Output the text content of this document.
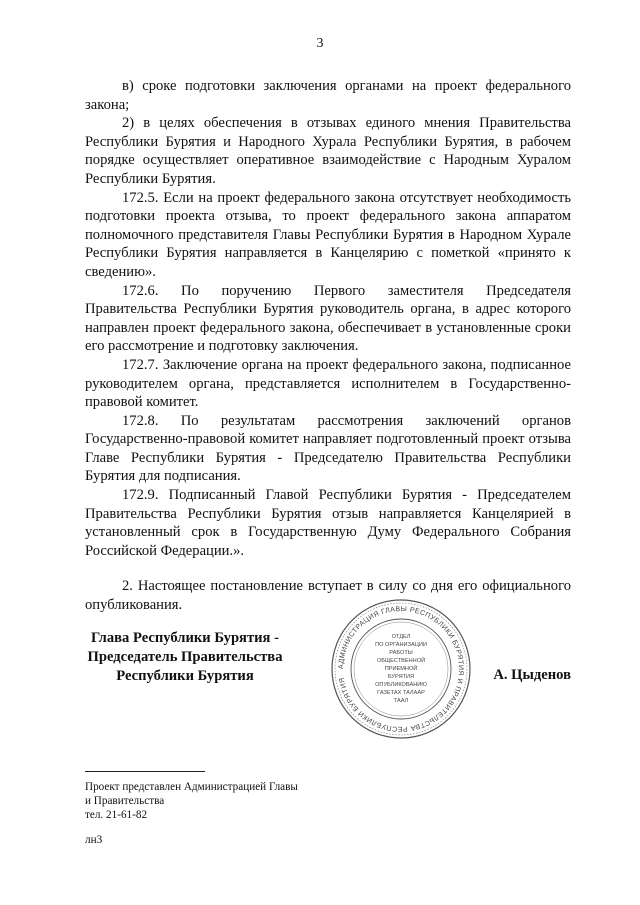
3

в) сроке подготовки заключения органами на проект федерального закона;

2) в целях обеспечения в отзывах единого мнения Правительства Республики Бурятия и Народного Хурала Республики Бурятия, в рабочем порядке осуществляет оперативное взаимодействие с Народным Хуралом Республики Бурятия.

172.5. Если на проект федерального закона отсутствует необходимость подготовки проекта отзыва, то проект федерального закона аппаратом полномочного представителя Главы Республики Бурятия в Народном Хурале Республики Бурятия направляется в Канцелярию с пометкой «принято к сведению».

172.6. По поручению Первого заместителя Председателя Правительства Республики Бурятия руководитель органа, в адрес которого направлен проект федерального закона, обеспечивает в установленные сроки его рассмотрение и подготовку заключения.

172.7. Заключение органа на проект федерального закона, подписанное руководителем органа, представляется исполнителем в Государственно-правовой комитет.

172.8. По результатам рассмотрения заключений органов Государственно-правовой комитет направляет подготовленный проект отзыва Главе Республики Бурятия - Председателю Правительства Республики Бурятия для подписания.

172.9. Подписанный Главой Республики Бурятия - Председателем Правительства Республики Бурятия отзыв направляется Канцелярией в установленный срок в Государственную Думу Федерального Собрания Российской Федерации.».

2. Настоящее постановление вступает в силу со дня его официального опубликования.

Глава Республики Бурятия -
Председатель Правительства
Республики Бурятия
АДМИНИСТРАЦИЯ ГЛАВЫ РЕСПУБЛИКИ БУРЯТИЯ И ПРАВИТЕЛЬСТВА РЕСПУБЛИКИ БУРЯТИЯ
ОТДЕЛ
ПО ОРГАНИЗАЦИИ
РАБОТЫ
ОБЩЕСТВЕННОЙ
ПРИЕМНОЙ
БУРЯТИЯ
ОПУБЛИКОВАНИЮ
ГАЗЕТАХ ТАЛААР
ТААЛ
А. Цыденов
Проект представлен Администрацией Главы
и Правительства
тел. 21-61-82
лн3
